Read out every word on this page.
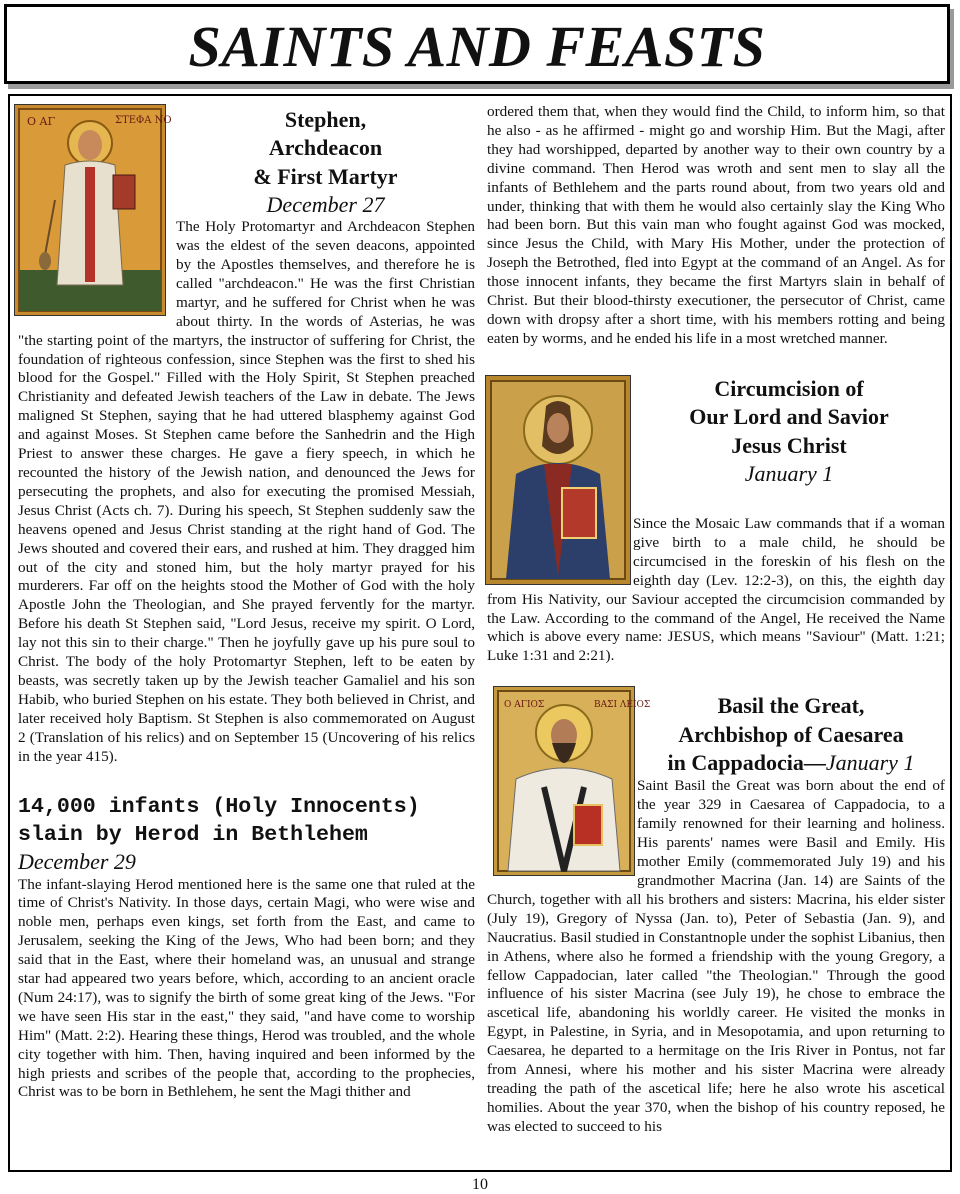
SAINTS AND FEASTS
Ο ΑΓ	ΣΤΕΦΑ ΝΟ	Stephen,
Archdeacon
& First Martyr
December 27

The Holy Protomartyr and Archdeacon Stephen was the eldest of the seven deacons, appointed by the Apostles themselves, and therefore he is called "archdeacon." He was the first Christian martyr, and he suffered for Christ when he was about thirty. In the words of Asterias, he was "the starting point of the martyrs, the instructor of suffering for Christ, the foundation of righteous confession, since Stephen was the first to shed his blood for the Gospel." Filled with the Holy Spirit, St Stephen preached Christianity and defeated Jewish teachers of the Law in debate. The Jews maligned St Stephen, saying that he had uttered blasphemy against God and against Moses. St Stephen came before the Sanhedrin and the High Priest to answer these charges. He gave a fiery speech, in which he recounted the history of the Jewish nation, and denounced the Jews for persecuting the prophets, and also for executing the promised Messiah, Jesus Christ (Acts ch. 7). During his speech, St Stephen suddenly saw the heavens opened and Jesus Christ standing at the right hand of God. The Jews shouted and covered their ears, and rushed at him. They dragged him out of the city and stoned him, but the holy martyr prayed for his murderers. Far off on the heights stood the Mother of God with the holy Apostle John the Theologian, and She prayed fervently for the martyr. Before his death St Stephen said, "Lord Jesus, receive my spirit. O Lord, lay not this sin to their charge." Then he joyfully gave up his pure soul to Christ. The body of the holy Protomartyr Stephen, left to be eaten by beasts, was secretly taken up by the Jewish teacher Gamaliel and his son Habib, who buried Stephen on his estate. They both believed in Christ, and later received holy Baptism. St Stephen is also commemorated on August 2 (Translation of his relics) and on September 15 (Uncovering of his relics in the year 415).

14,000 infants (Holy Innocents) slain by Herod in Bethlehem
December 29

The infant-slaying Herod mentioned here is the same one that ruled at the time of Christ's Nativity. In those days, certain Magi, who were wise and noble men, perhaps even kings, set forth from the East, and came to Jerusalem, seeking the King of the Jews, Who had been born; and they said that in the East, where their homeland was, an unusual and strange star had appeared two years before, which, according to an ancient oracle (Num 24:17), was to signify the birth of some great king of the Jews. "For we have seen His star in the east," they said, "and have come to worship Him" (Matt. 2:2). Hearing these things, Herod was troubled, and the whole city together with him. Then, having inquired and been informed by the high priests and scribes of the people that, according to the prophecies, Christ was to be born in Bethlehem, he sent the Magi thither and

ordered them that, when they would find the Child, to inform him, so that he also - as he affirmed - might go and worship Him. But the Magi, after they had worshipped, departed by another way to their own country by a divine command. Then Herod was wroth and sent men to slay all the infants of Bethlehem and the parts round about, from two years old and under, thinking that with them he would also certainly slay the King Who had been born. But this vain man who fought against God was mocked, since Jesus the Child, with Mary His Mother, under the protection of Joseph the Betrothed, fled into Egypt at the command of an Angel. As for those innocent infants, they became the first Martyrs slain in behalf of Christ. But their blood-thirsty executioner, the persecutor of Christ, came down with dropsy after a short time, with his members rotting and being eaten by worms, and he ended his life in a most wretched manner.

Circumcision of
Our Lord and Savior
Jesus Christ
January 1

Since the Mosaic Law commands that if a woman give birth to a male child, he should be circumcised in the foreskin of his flesh on the eighth day (Lev. 12:2-3), on this, the eighth day from His Nativity, our Saviour accepted the circumcision commanded by the Law. According to the command of the Angel, He received the Name which is above every name: JESUS, which means "Saviour" (Matt. 1:21; Luke 1:31 and 2:21).

Ο ΑΓΙΟΣ	ΒΑΣΙ ΛΕΙΟΣ	Basil the Great,
Archbishop of Caesarea
in Cappadocia—January 1

Saint Basil the Great was born about the end of the year 329 in Caesarea of Cappadocia, to a family renowned for their learning and holiness. His parents' names were Basil and Emily. His mother Emily (commemorated July 19) and his grandmother Macrina (Jan. 14) are Saints of the Church, together with all his brothers and sisters: Macrina, his elder sister (July 19), Gregory of Nyssa (Jan. to), Peter of Sebastia (Jan. 9), and Naucratius. Basil studied in Constantnople under the sophist Libanius, then in Athens, where also he formed a friendship with the young Gregory, a fellow Cappadocian, later called "the Theologian." Through the good influence of his sister Macrina (see July 19), he chose to embrace the ascetical life, abandoning his worldly career. He visited the monks in Egypt, in Palestine, in Syria, and in Mesopotamia, and upon returning to Caesarea, he departed to a hermitage on the Iris River in Pontus, not far from Annesi, where his mother and his sister Macrina were already treading the path of the ascetical life; here he also wrote his ascetical homilies. About the year 370, when the bishop of his country reposed, he was elected to succeed to his

10
